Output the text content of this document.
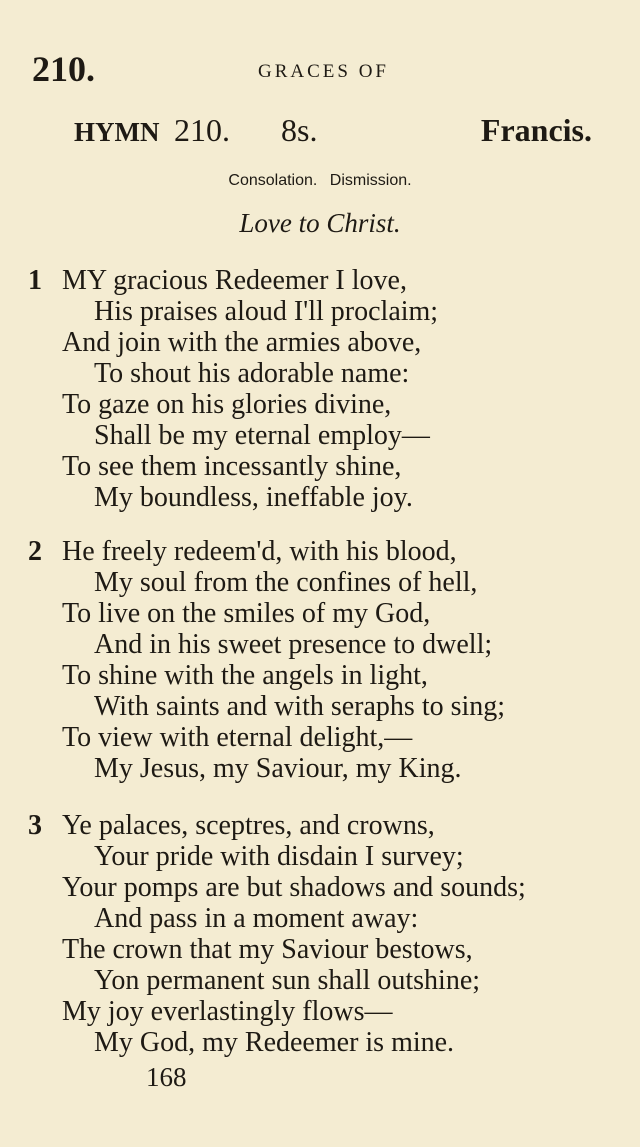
210.	GRACES OF
HYMN 210. 8s.	Francis.
Consolation. Dismission.
Love to Christ.
1 MY gracious Redeemer I love,
His praises aloud I'll proclaim;
And join with the armies above,
To shout his adorable name:
To gaze on his glories divine,
Shall be my eternal employ—
To see them incessantly shine,
My boundless, ineffable joy.
2 He freely redeem'd, with his blood,
My soul from the confines of hell,
To live on the smiles of my God,
And in his sweet presence to dwell;
To shine with the angels in light,
With saints and with seraphs to sing;
To view with eternal delight,—
My Jesus, my Saviour, my King.
3 Ye palaces, sceptres, and crowns,
Your pride with disdain I survey;
Your pomps are but shadows and sounds;
And pass in a moment away:
The crown that my Saviour bestows,
Yon permanent sun shall outshine;
My joy everlastingly flows—
My God, my Redeemer is mine.
168
